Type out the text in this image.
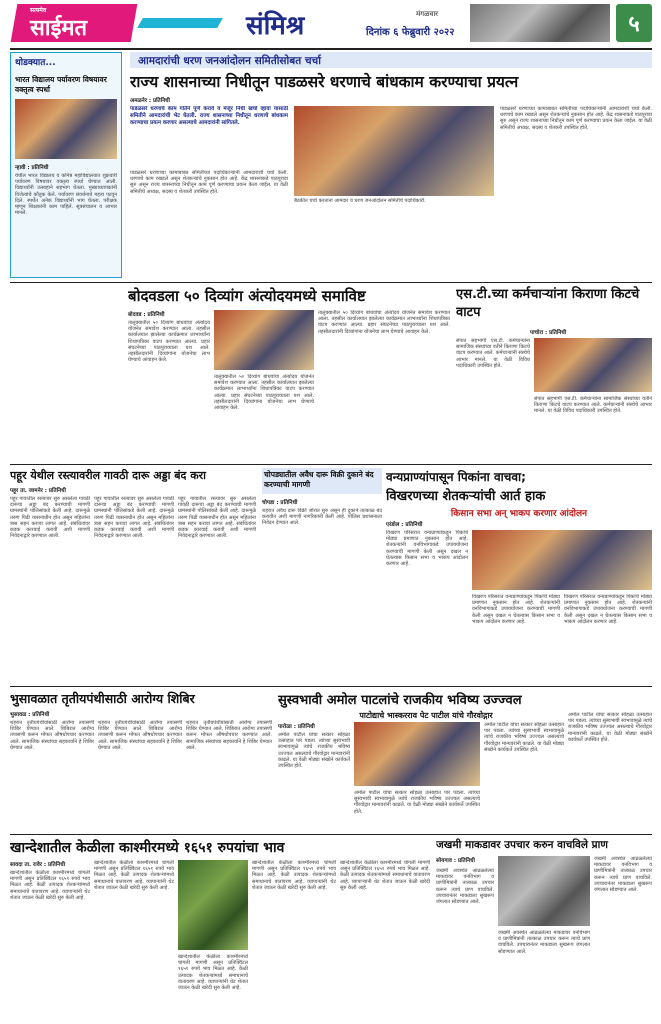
सत्यमेव
साईमत	संमिश्र	मंगळवार
दिनांक ६ फेब्रुवारी २०२२	५
थोडक्यात...
भारत विद्यालय पर्यावरण विषयावर वक्तृत्व स्पर्धा
न्हावी : प्रतिनिधी
येथील भारत विद्यालय व कनिष्ठ महाविद्यालयात शुक्रवारी पर्यावरण विषयावर वक्तृत्व स्पर्धा घेण्यात आली. विद्यार्थ्यांनी उत्साहाने सहभाग घेतला. मुख्याध्यापकांनी विजेत्यांचे कौतुक केले. पर्यावरण संवर्धनाचे महत्व पटवून दिले. स्पर्धेत अनेक विद्यार्थ्यांनी भाग घेतला. परीक्षक म्हणून शिक्षकांनी काम पाहिले. सूत्रसंचालन व आभार मानले.
आमदारांची धरण जनआंदोलन समितीसोबत चर्चा
राज्य शासनाच्या निधीतून पाडळसरे धरणाचे बांधकाम करण्याचा प्रयत्न
अमळनेर : प्रतिनिधी
पाडळसरे धरणाचे काम गतिने पूर्ण करावे व मंजूर निधी खर्चा व्हावा यासाठी समितीने आमदारांची भेट घेतली. राज्य शासनाच्या निधीतून धरणाचे बांधकाम करण्याचा प्रयत्न करणार असल्याचे आमदारांनी सांगितले.
पाडळसरे धरणाच्या कामाबाबत समितीच्या पदाधिकाऱ्यांनी आमदारांशी चर्चा केली. धरणाचे काम रखडले असून शेतकऱ्यांचे नुकसान होत आहे. केंद्र शासनाकडे पाठपुरावा सुरु असून राज्य शासनाच्या निधीतून काम पूर्ण करण्याचा प्रयत्न केला जाईल. या वेळी समितीचे अध्यक्ष, सदस्य व शेतकरी उपस्थित होते.
बैठकीत चर्चा करताना आमदार व धरण जनआंदोलन समितीचे पदाधिकारी.
पाडळसरे धरणाच्या कामाबाबत समितीच्या पदाधिकाऱ्यांनी आमदारांशी चर्चा केली. धरणाचे काम रखडले असून शेतकऱ्यांचे नुकसान होत आहे. केंद्र शासनाकडे पाठपुरावा सुरु असून राज्य शासनाच्या निधीतून काम पूर्ण करण्याचा प्रयत्न केला जाईल. या वेळी समितीचे अध्यक्ष, सदस्य व शेतकरी उपस्थित होते.
बोदवडला ५० दिव्यांग अंत्योदयमध्ये समाविष्ट
बोदवड : प्रतिनिधी
तालुक्यातील ५० दिव्यांग बांधवांचा अंत्योदय योजनेत समावेश करण्यात आला. तहसील कार्यालयात झालेल्या कार्यक्रमात लाभार्थ्यांना शिधापत्रिका वाटप करण्यात आल्या. प्रहार संघटनेच्या पाठपुराव्याला यश आले. तहसीलदारांनी दिव्यांगांना योजनेचा लाभ घेण्याचे आवाहन केले.
तालुक्यातील ५० दिव्यांग बांधवांचा अंत्योदय योजनेत समावेश करण्यात आला. तहसील कार्यालयात झालेल्या कार्यक्रमात लाभार्थ्यांना शिधापत्रिका वाटप करण्यात आल्या. प्रहार संघटनेच्या पाठपुराव्याला यश आले. तहसीलदारांनी दिव्यांगांना योजनेचा लाभ घेण्याचे आवाहन केले.
तालुक्यातील ५० दिव्यांग बांधवांचा अंत्योदय योजनेत समावेश करण्यात आला. तहसील कार्यालयात झालेल्या कार्यक्रमात लाभार्थ्यांना शिधापत्रिका वाटप करण्यात आल्या. प्रहार संघटनेच्या पाठपुराव्याला यश आले. तहसीलदारांनी दिव्यांगांना योजनेचा लाभ घेण्याचे आवाहन केले.
एस.टी.च्या कर्मचाऱ्यांना किराणा किटचे वाटप
पाचोरा : प्रतिनिधी
संपात सहभागी एस.टी. कर्मचाऱ्यांना सामाजिक संस्थांच्या वतीने किराणा किटचे वाटप करण्यात आले. कर्मचाऱ्यांनी संस्थेचे आभार मानले. या वेळी विविध पदाधिकारी उपस्थित होते.
संपात सहभागी एस.टी. कर्मचाऱ्यांना सामाजिक संस्थांच्या वतीने किराणा किटचे वाटप करण्यात आले. कर्मचाऱ्यांनी संस्थेचे आभार मानले. या वेळी विविध पदाधिकारी उपस्थित होते.
पहूर येथील रस्त्यावरील गावठी दारू अड्डा बंद करा
पहूर ता. जामनेर : प्रतिनिधी
पहूर गावातील रस्त्यावर सुरु असलेला गावठी दारूचा अड्डा बंद करण्याची मागणी ग्रामस्थांनी पोलिसांकडे केली आहे. दारूमुळे तरुण पिढी व्यसनाधीन होत असून महिलांना त्रास सहन करावा लागत आहे. संबंधितांवर कडक कारवाई करावी अशी मागणी निवेदनाद्वारे करण्यात आली.
पहूर गावातील रस्त्यावर सुरु असलेला गावठी दारूचा अड्डा बंद करण्याची मागणी ग्रामस्थांनी पोलिसांकडे केली आहे. दारूमुळे तरुण पिढी व्यसनाधीन होत असून महिलांना त्रास सहन करावा लागत आहे. संबंधितांवर कडक कारवाई करावी अशी मागणी निवेदनाद्वारे करण्यात आली.
पहूर गावातील रस्त्यावर सुरु असलेला गावठी दारूचा अड्डा बंद करण्याची मागणी ग्रामस्थांनी पोलिसांकडे केली आहे. दारूमुळे तरुण पिढी व्यसनाधीन होत असून महिलांना त्रास सहन करावा लागत आहे. संबंधितांवर कडक कारवाई करावी अशी मागणी निवेदनाद्वारे करण्यात आली.
चोपड्यातील अवैध दारू विक्री दुकाने बंद करण्याची मागणी
चोपडा : प्रतिनिधी
शहरात अवैध दारू विक्री जोरात सुरु असून ही दुकाने तात्काळ बंद करावीत अशी मागणी नागरिकांनी केली आहे. पोलिस प्रशासनाला निवेदन देण्यात आले.
वन्यप्राण्यांपासून पिकांना वाचवा;
विखरणच्या शेतकऱ्यांची आर्त हाक
किसान सभा अन् भाकप करणार आंदोलन
एरंडोल : प्रतिनिधी
विखरण परिसरात वन्यप्राण्यांकडून पिकांचे मोठ्या प्रमाणात नुकसान होत आहे. शेतकऱ्यांनी वनविभागाकडे उपाययोजना करण्याची मागणी केली असून दखल न घेतल्यास किसान सभा व भाकप आंदोलन करणार आहे.
विखरण परिसरात वन्यप्राण्यांकडून पिकांचे मोठ्या प्रमाणात नुकसान होत आहे. शेतकऱ्यांनी वनविभागाकडे उपाययोजना करण्याची मागणी केली असून दखल न घेतल्यास किसान सभा व भाकप आंदोलन करणार आहे.
विखरण परिसरात वन्यप्राण्यांकडून पिकांचे मोठ्या प्रमाणात नुकसान होत आहे. शेतकऱ्यांनी वनविभागाकडे उपाययोजना करण्याची मागणी केली असून दखल न घेतल्यास किसान सभा व भाकप आंदोलन करणार आहे.
भुसावळात तृतीयपंथीसाठी आरोग्य शिबिर
भुसावळ : प्रतिनिधी
शहरात तृतीयपंथीयांसाठी आरोग्य तपासणी शिबिर घेण्यात आले. शिबिरात आरोग्य तपासणी करून मोफत औषधोपचार करण्यात आले. सामाजिक संस्थांच्या सहकार्याने हे शिबिर घेण्यात आले.
शहरात तृतीयपंथीयांसाठी आरोग्य तपासणी शिबिर घेण्यात आले. शिबिरात आरोग्य तपासणी करून मोफत औषधोपचार करण्यात आले. सामाजिक संस्थांच्या सहकार्याने हे शिबिर घेण्यात आले.
शहरात तृतीयपंथीयांसाठी आरोग्य तपासणी शिबिर घेण्यात आले. शिबिरात आरोग्य तपासणी करून मोफत औषधोपचार करण्यात आले. सामाजिक संस्थांच्या सहकार्याने हे शिबिर घेण्यात आले.
सुस्वभावी अमोल पाटलांचे राजकीय भविष्य उज्ज्वल
पाटोद्याचे भास्करराव पेट पाटील यांचे गौरवोद्गार
पारोळा : प्रतिनिधी
अमोल पाटील यांचा सत्कार सोहळा उत्साहात पार पडला. त्यांच्या सुस्वभावी स्वभावामुळे त्यांचे राजकीय भविष्य उज्ज्वल असल्याचे गौरवोद्गार मान्यवरांनी काढले. या वेळी मोठ्या संख्येने कार्यकर्ते उपस्थित होते.
अमोल पाटील यांचा सत्कार सोहळा उत्साहात पार पडला. त्यांच्या सुस्वभावी स्वभावामुळे त्यांचे राजकीय भविष्य उज्ज्वल असल्याचे गौरवोद्गार मान्यवरांनी काढले. या वेळी मोठ्या संख्येने कार्यकर्ते उपस्थित होते.
अमोल पाटील यांचा सत्कार सोहळा उत्साहात पार पडला. त्यांच्या सुस्वभावी स्वभावामुळे त्यांचे राजकीय भविष्य उज्ज्वल असल्याचे गौरवोद्गार मान्यवरांनी काढले. या वेळी मोठ्या संख्येने कार्यकर्ते उपस्थित होते.
अमोल पाटील यांचा सत्कार सोहळा उत्साहात पार पडला. त्यांच्या सुस्वभावी स्वभावामुळे त्यांचे राजकीय भविष्य उज्ज्वल असल्याचे गौरवोद्गार मान्यवरांनी काढले. या वेळी मोठ्या संख्येने कार्यकर्ते उपस्थित होते.
खान्देशातील केळीला काश्मीरमध्ये १६५१ रुपयांचा भाव
सावदा ता. रावेर : प्रतिनिधी
खान्देशातील केळीला काश्मीरमध्ये चांगली मागणी असून प्रतिक्विंटल १६५१ रुपये भाव मिळत आहे. केळी उत्पादक शेतकऱ्यांमध्ये समाधानाचे वातावरण आहे. व्यापाऱ्यांनी थेट शेतात जाऊन केळी खरेदी सुरु केली आहे.
खान्देशातील केळीला काश्मीरमध्ये चांगली मागणी असून प्रतिक्विंटल १६५१ रुपये भाव मिळत आहे. केळी उत्पादक शेतकऱ्यांमध्ये समाधानाचे वातावरण आहे. व्यापाऱ्यांनी थेट शेतात जाऊन केळी खरेदी सुरु केली आहे.
खान्देशातील केळीला काश्मीरमध्ये चांगली मागणी असून प्रतिक्विंटल १६५१ रुपये भाव मिळत आहे. केळी उत्पादक शेतकऱ्यांमध्ये समाधानाचे वातावरण आहे. व्यापाऱ्यांनी थेट शेतात जाऊन केळी खरेदी सुरु केली आहे.
खान्देशातील केळीला काश्मीरमध्ये चांगली मागणी असून प्रतिक्विंटल १६५१ रुपये भाव मिळत आहे. केळी उत्पादक शेतकऱ्यांमध्ये समाधानाचे वातावरण आहे. व्यापाऱ्यांनी थेट शेतात जाऊन केळी खरेदी सुरु केली आहे.
खान्देशातील केळीला काश्मीरमध्ये चांगली मागणी असून प्रतिक्विंटल १६५१ रुपये भाव मिळत आहे. केळी उत्पादक शेतकऱ्यांमध्ये समाधानाचे वातावरण आहे. व्यापाऱ्यांनी थेट शेतात जाऊन केळी खरेदी सुरु केली आहे.
जखमी माकडावर उपचार करुन वाचविले प्राण
सोयगाव : प्रतिनिधी
जखमी अवस्थेत आढळलेल्या माकडावर वनविभाग व प्राणीमित्रांनी तात्काळ उपचार करून त्याचे प्राण वाचविले. उपचारानंतर माकडाला सुखरूप जंगलात सोडण्यात आले.
जखमी अवस्थेत आढळलेल्या माकडावर वनविभाग व प्राणीमित्रांनी तात्काळ उपचार करून त्याचे प्राण वाचविले. उपचारानंतर माकडाला सुखरूप जंगलात सोडण्यात आले.
जखमी अवस्थेत आढळलेल्या माकडावर वनविभाग व प्राणीमित्रांनी तात्काळ उपचार करून त्याचे प्राण वाचविले. उपचारानंतर माकडाला सुखरूप जंगलात सोडण्यात आले.
